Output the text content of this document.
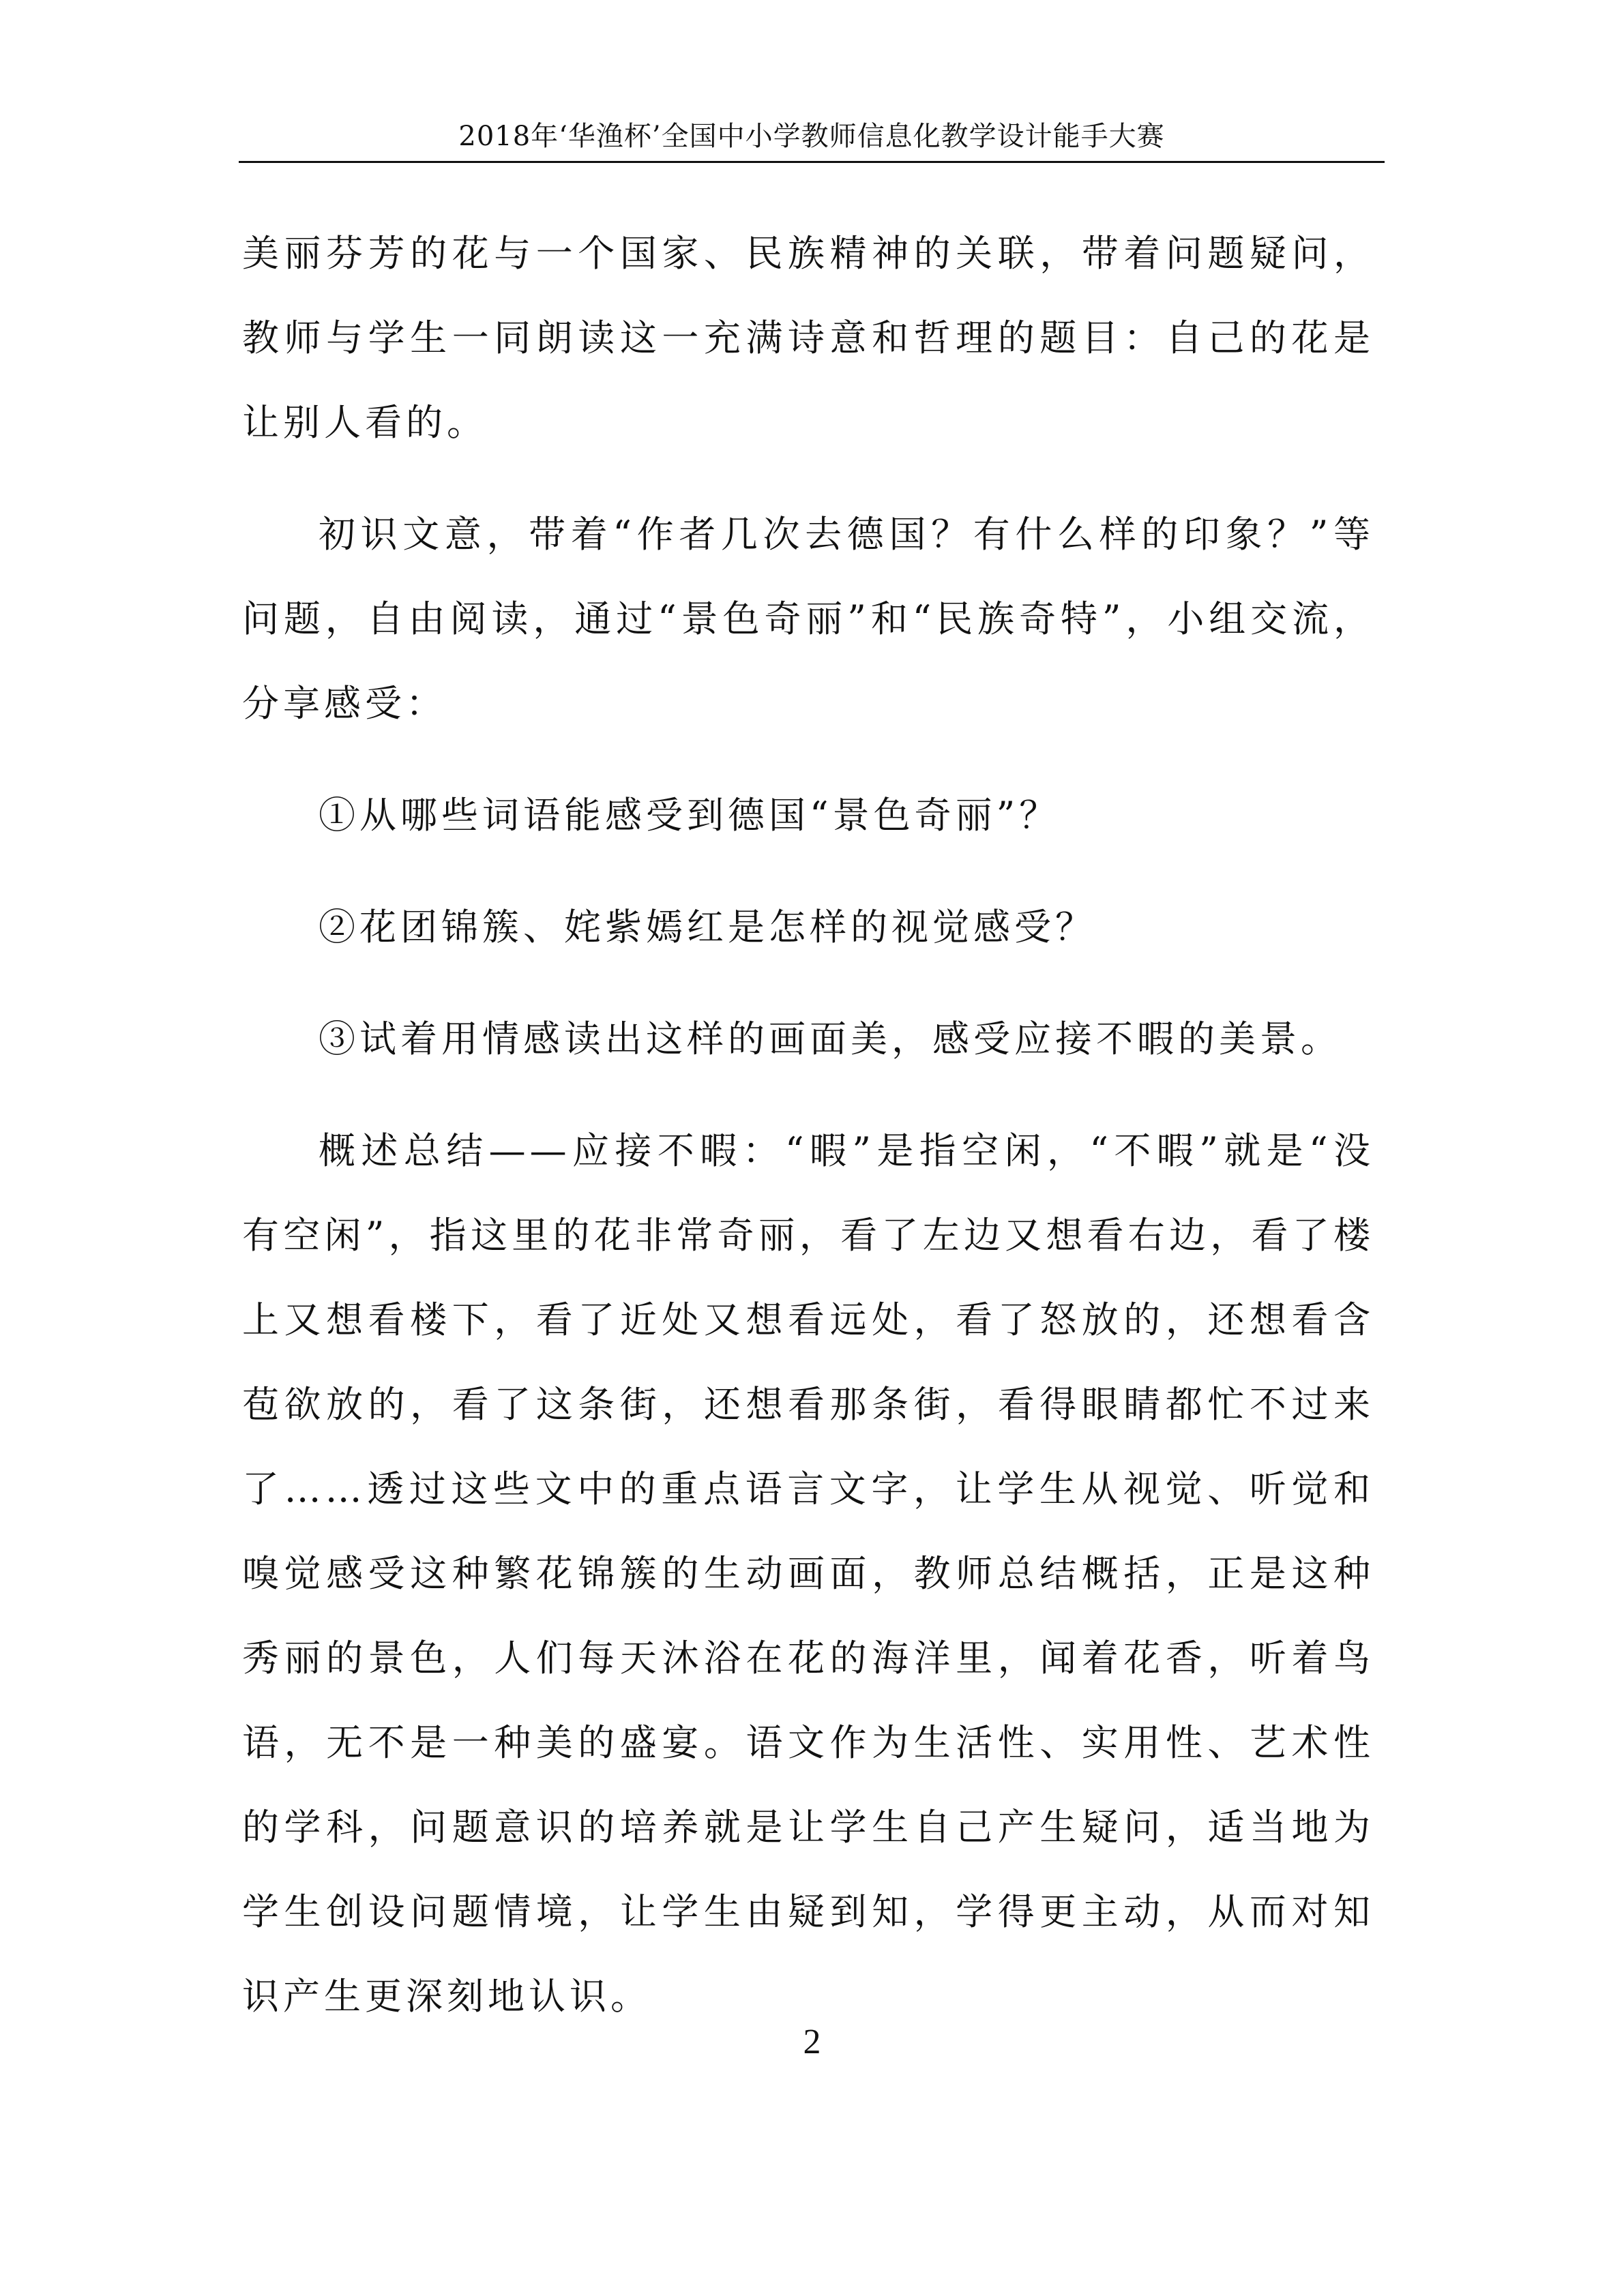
2018年‘华渔杯’全国中小学教师信息化教学设计能手大赛

美丽芬芳的花与一个国家、民族精神的关联，带着问题疑问，教师与学生一同朗读这一充满诗意和哲理的题目：自己的花是让别人看的。

初识文意，带着“作者几次去德国？有什么样的印象？”等问题，自由阅读，通过“景色奇丽”和“民族奇特”，小组交流，分享感受：

①从哪些词语能感受到德国“景色奇丽”？

②花团锦簇、姹紫嫣红是怎样的视觉感受？

③试着用情感读出这样的画面美，感受应接不暇的美景。

概述总结——应接不暇：“暇”是指空闲，“不暇”就是“没有空闲”，指这里的花非常奇丽，看了左边又想看右边，看了楼上又想看楼下，看了近处又想看远处，看了怒放的，还想看含苞欲放的，看了这条街，还想看那条街，看得眼睛都忙不过来了……透过这些文中的重点语言文字，让学生从视觉、听觉和嗅觉感受这种繁花锦簇的生动画面，教师总结概括，正是这种秀丽的景色，人们每天沐浴在花的海洋里，闻着花香，听着鸟语，无不是一种美的盛宴。语文作为生活性、实用性、艺术性的学科，问题意识的培养就是让学生自己产生疑问，适当地为学生创设问题情境，让学生由疑到知，学得更主动，从而对知识产生更深刻地认识。

2
